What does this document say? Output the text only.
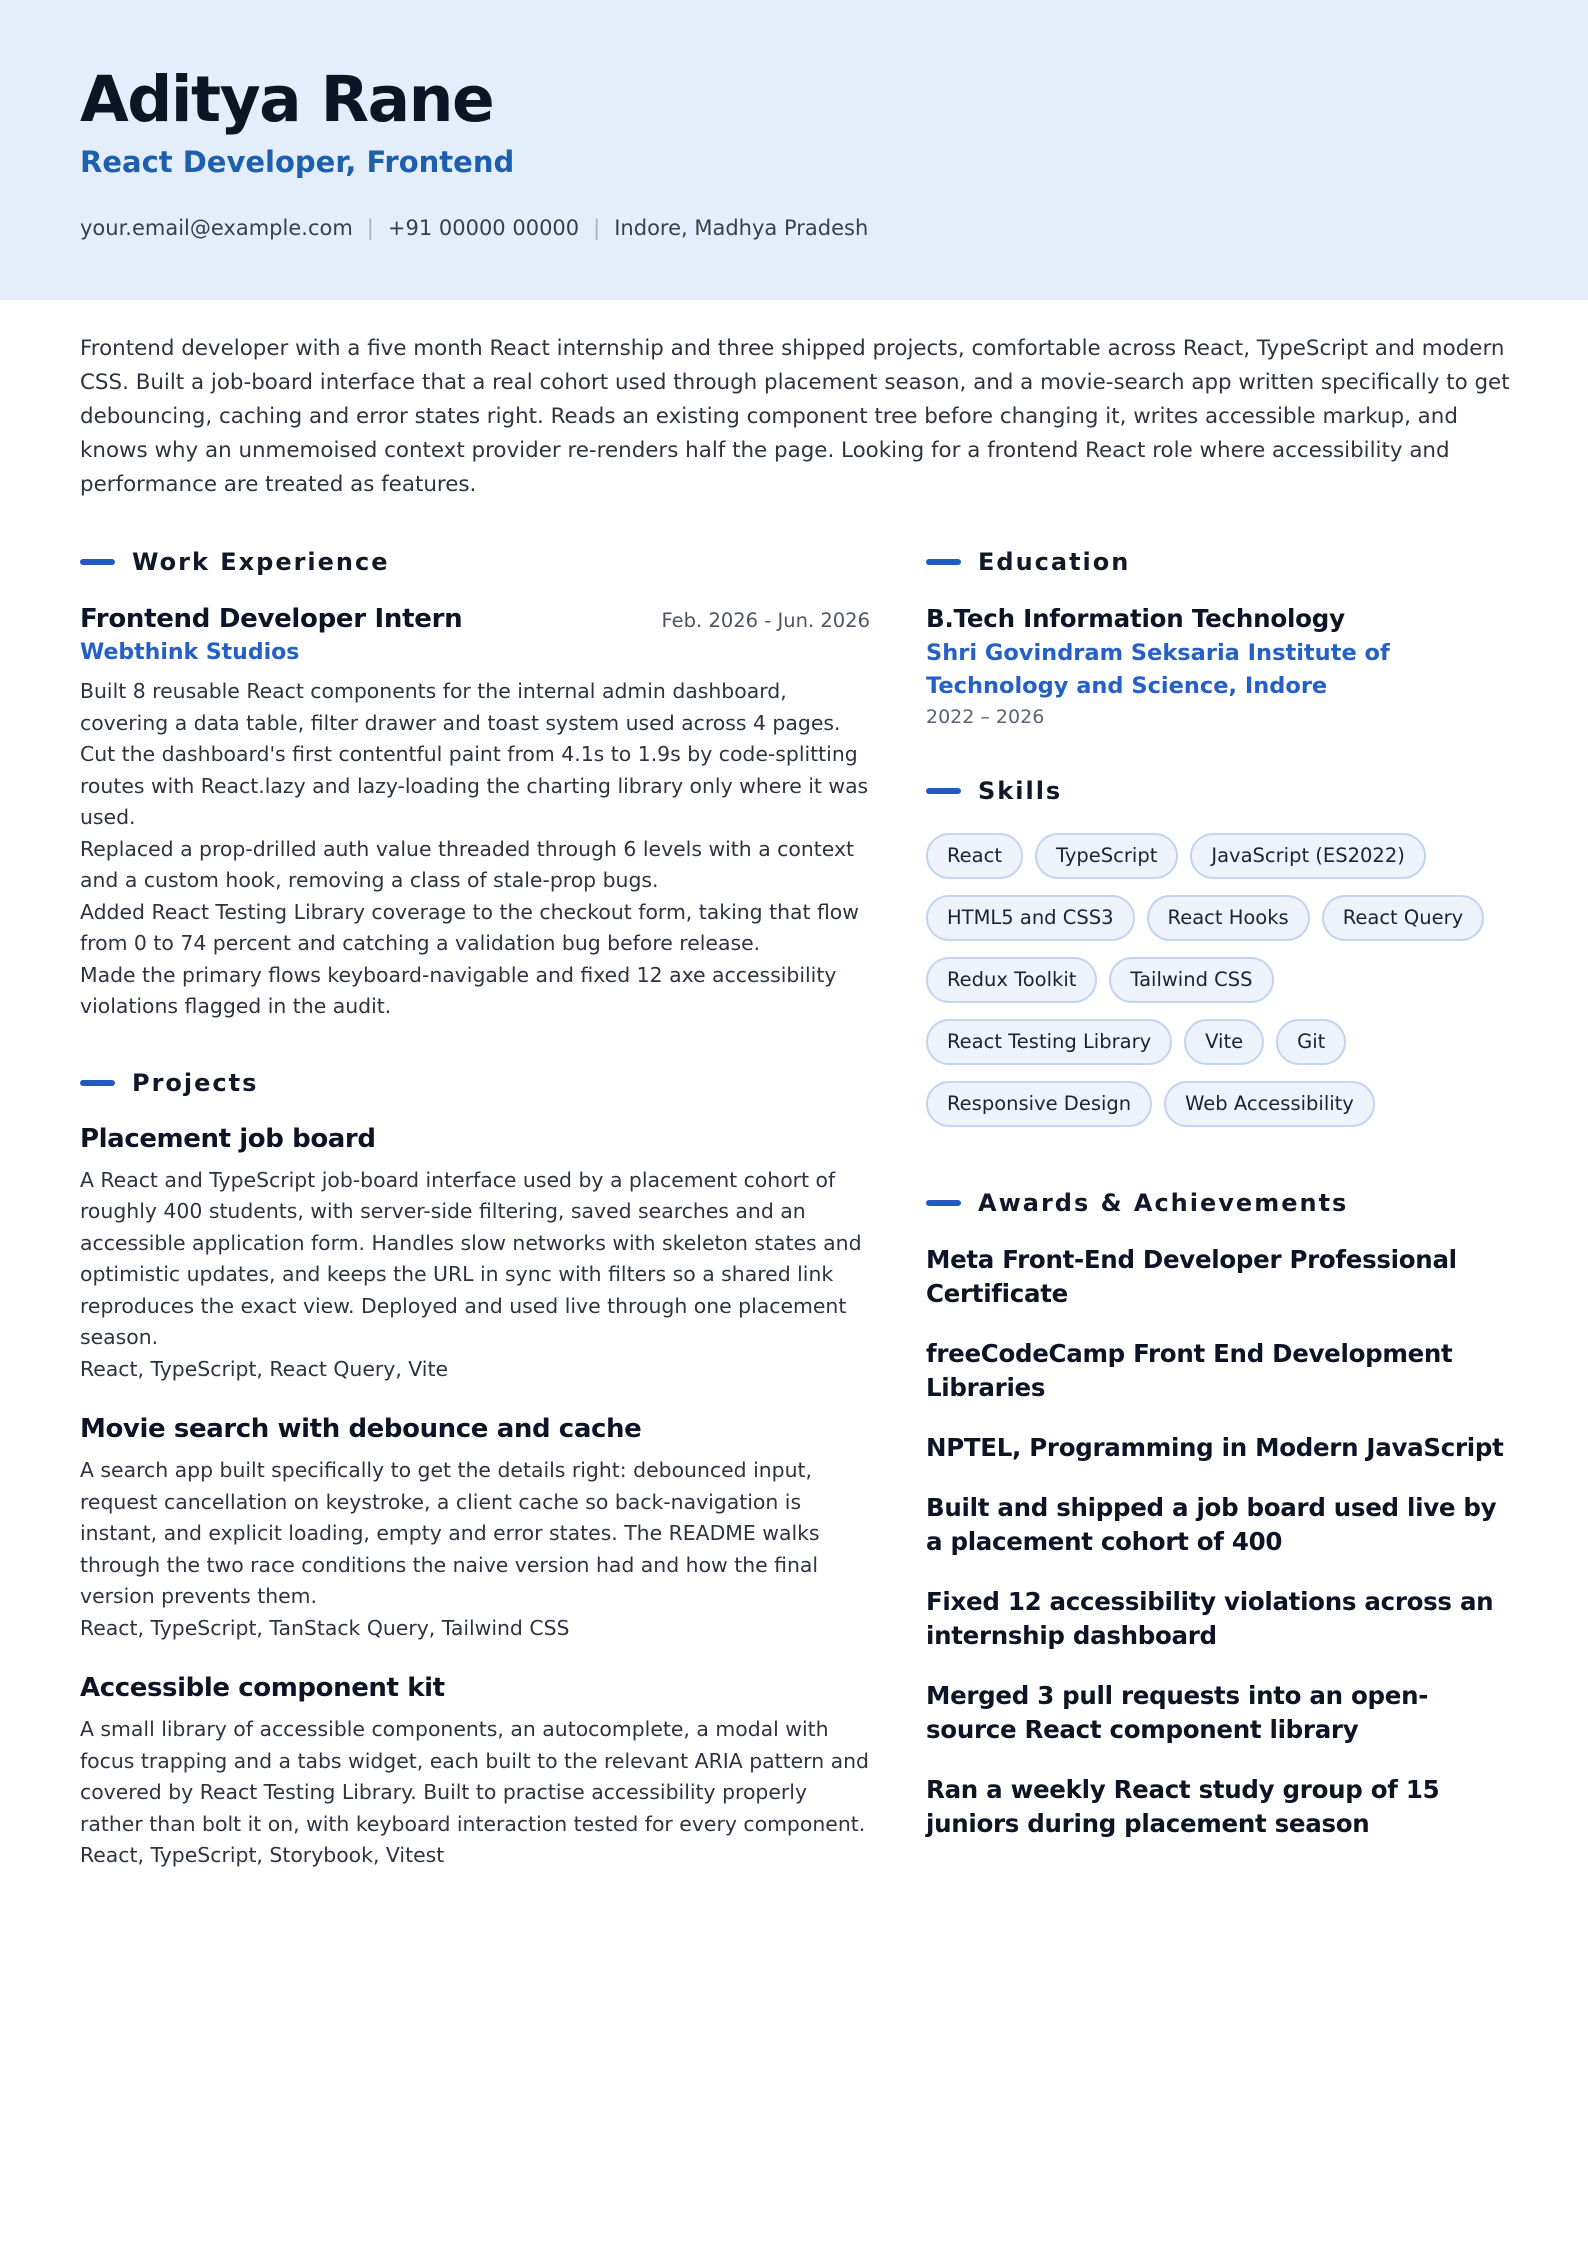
Aditya Rane
React Developer, Frontend
your.email@example.com | +91 00000 00000 | Indore, Madhya Pradesh

Frontend developer with a five month React internship and three shipped projects, comfortable across React, TypeScript and modern CSS. Built a job-board interface that a real cohort used through placement season, and a movie-search app written specifically to get debouncing, caching and error states right. Reads an existing component tree before changing it, writes accessible markup, and knows why an unmemoised context provider re-renders half the page. Looking for a frontend React role where accessibility and performance are treated as features.

Work Experience
Frontend Developer Intern	Feb. 2026 - Jun. 2026
Webthink Studios

Built 8 reusable React components for the internal admin dashboard, covering a data table, filter drawer and toast system used across 4 pages.

Cut the dashboard's first contentful paint from 4.1s to 1.9s by code-splitting routes with React.lazy and lazy-loading the charting library only where it was used.

Replaced a prop-drilled auth value threaded through 6 levels with a context and a custom hook, removing a class of stale-prop bugs.

Added React Testing Library coverage to the checkout form, taking that flow from 0 to 74 percent and catching a validation bug before release.

Made the primary flows keyboard-navigable and fixed 12 axe accessibility violations flagged in the audit.

Projects
Placement job board

A React and TypeScript job-board interface used by a placement cohort of roughly 400 students, with server-side filtering, saved searches and an accessible application form. Handles slow networks with skeleton states and optimistic updates, and keeps the URL in sync with filters so a shared link reproduces the exact view. Deployed and used live through one placement season.

React, TypeScript, React Query, Vite

Movie search with debounce and cache

A search app built specifically to get the details right: debounced input, request cancellation on keystroke, a client cache so back-navigation is instant, and explicit loading, empty and error states. The README walks through the two race conditions the naive version had and how the final version prevents them.

React, TypeScript, TanStack Query, Tailwind CSS

Accessible component kit

A small library of accessible components, an autocomplete, a modal with focus trapping and a tabs widget, each built to the relevant ARIA pattern and covered by React Testing Library. Built to practise accessibility properly rather than bolt it on, with keyboard interaction tested for every component.

React, TypeScript, Storybook, Vitest

Education
B.Tech Information Technology
Shri Govindram Seksaria Institute of Technology and Science, Indore
2022 – 2026
Skills
React	TypeScript	JavaScript (ES2022)
HTML5 and CSS3	React Hooks	React Query
Redux Toolkit	Tailwind CSS
React Testing Library	Vite	Git
Responsive Design	Web Accessibility
Awards & Achievements
Meta Front-End Developer Professional Certificate
freeCodeCamp Front End Development Libraries
NPTEL, Programming in Modern JavaScript
Built and shipped a job board used live by a placement cohort of 400
Fixed 12 accessibility violations across an internship dashboard
Merged 3 pull requests into an open-source React component library
Ran a weekly React study group of 15 juniors during placement season
